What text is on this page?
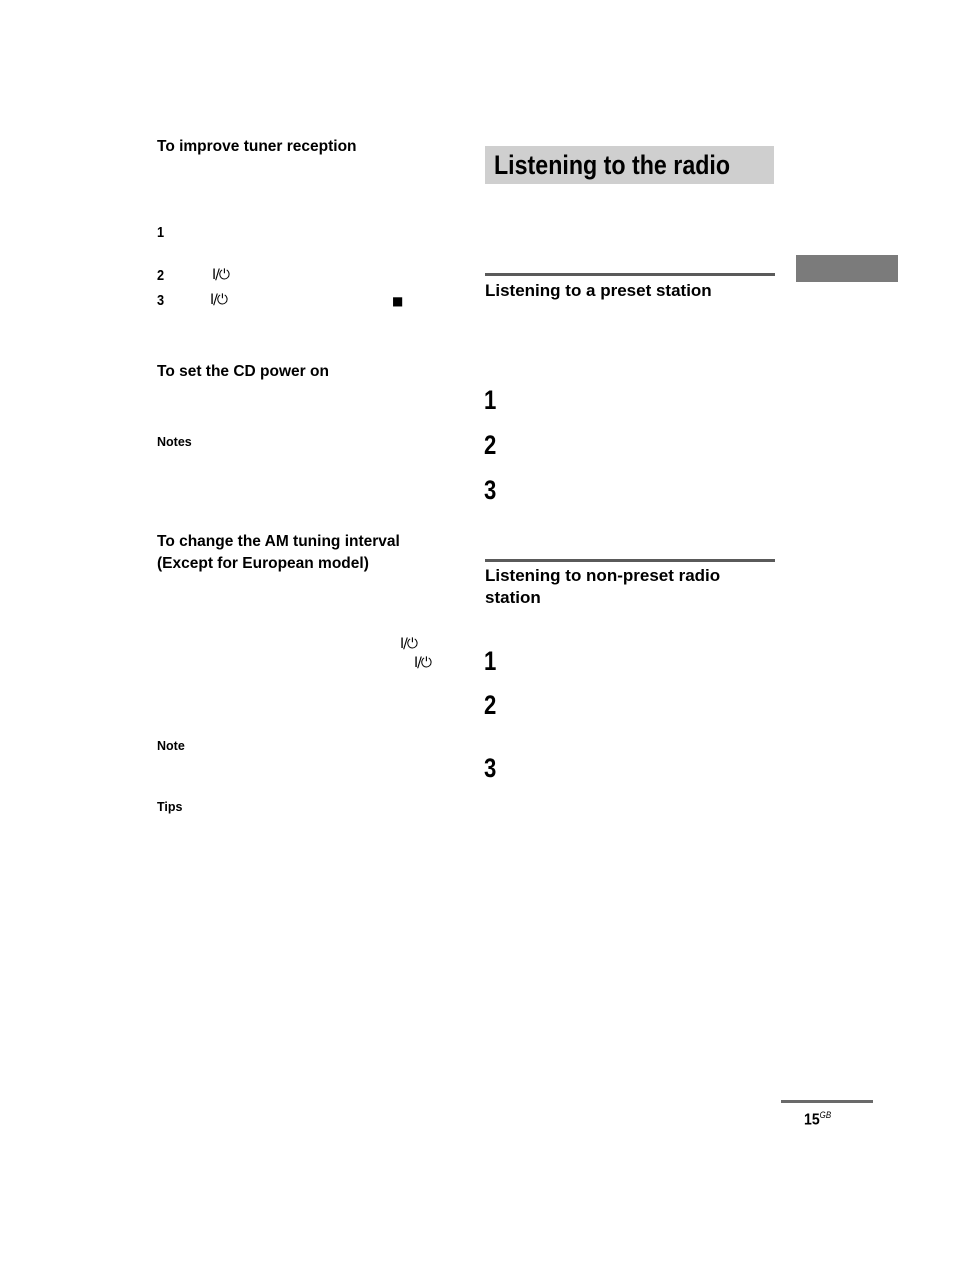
To improve tuner reception
1
2	I/⏻
3	I/⏻	■
To set the CD power on
Notes
To change the AM tuning interval (Except for European model)
I/⏻
I/⏻
Note
Tips
Listening to the radio
Listening to a preset station
1
2
3
Listening to non-preset radio station
1
2
3
$15^{GB}$
